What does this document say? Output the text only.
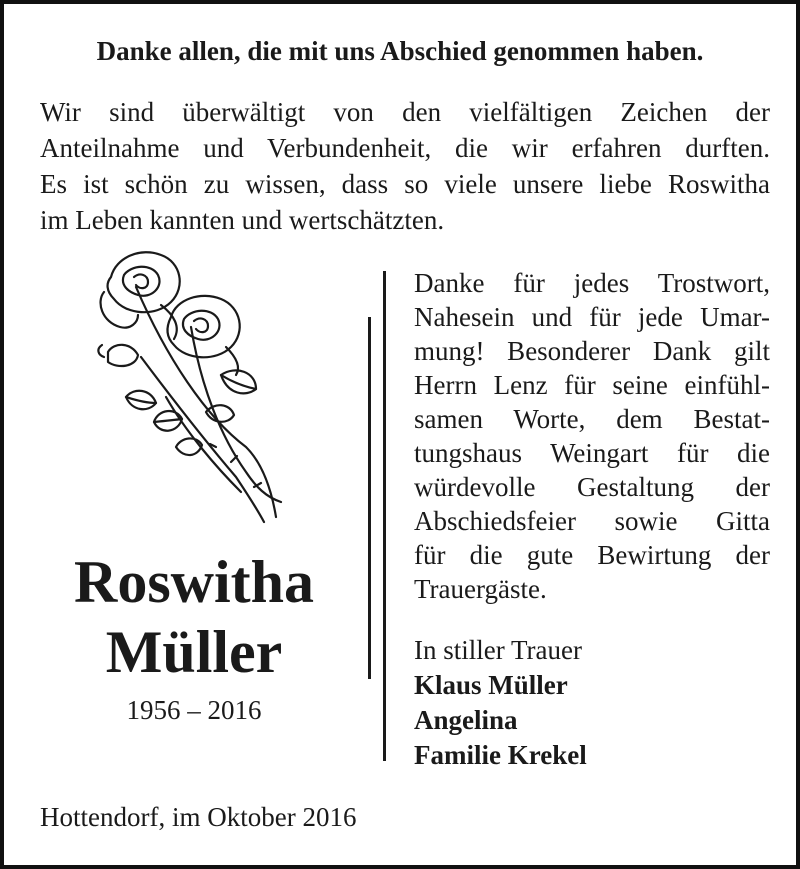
Danke allen, die mit uns Abschied genommen haben.
Wir sind überwältigt von den vielfältigen Zeichen der
Anteilnahme und Verbundenheit, die wir erfahren durften.
Es ist schön zu wissen, dass so viele unsere liebe Roswitha
im Leben kannten und wertschätzten.
Roswitha
Müller
1956 – 2016
Danke für jedes Trostwort,
Nahesein und für jede Umar-
mung! Besonderer Dank gilt
Herrn Lenz für seine einfühl-
samen Worte, dem Bestat-
tungshaus Weingart für die
würdevolle Gestaltung der
Abschiedsfeier sowie Gitta
für die gute Bewirtung der
Trauergäste.
In stiller Trauer
Klaus Müller
Angelina
Familie Krekel
Hottendorf, im Oktober 2016
